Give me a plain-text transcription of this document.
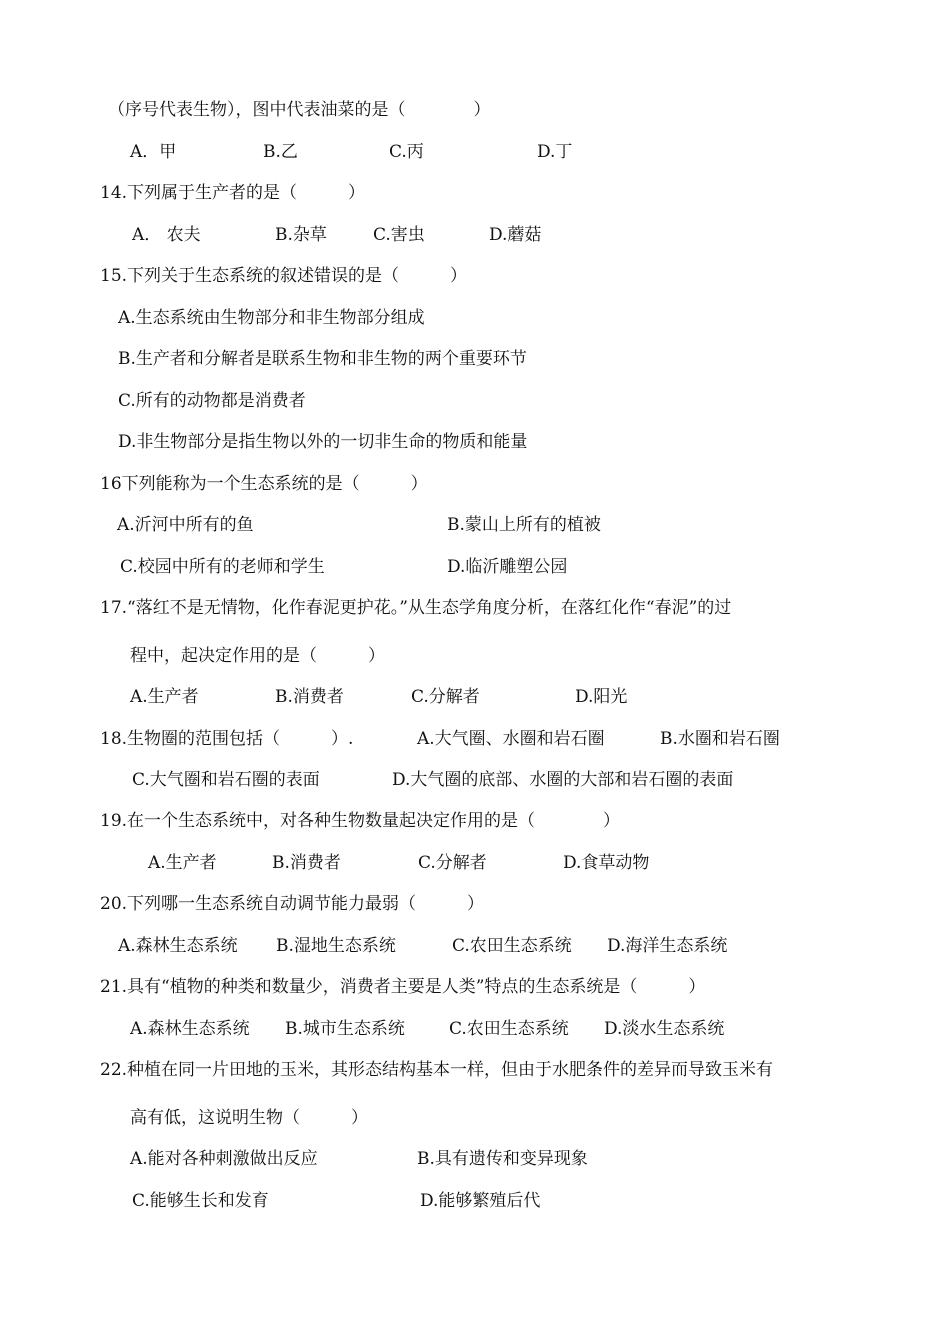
（序号代表生物），图中代表油菜的是（　　　　）
A．甲	B.乙	C.丙	D.丁
14.下列属于生产者的是（　　　）
A． 农夫	B.杂草	C.害虫	D.蘑菇
15.下列关于生态系统的叙述错误的是（　　　）
A.生态系统由生物部分和非生物部分组成
B.生产者和分解者是联系生物和非生物的两个重要环节
C.所有的动物都是消费者
D.非生物部分是指生物以外的一切非生命的物质和能量
16下列能称为一个生态系统的是（　　　）
A.沂河中所有的鱼	B.蒙山上所有的植被
C.校园中所有的老师和学生	D.临沂雕塑公园
17.“落红不是无情物，化作春泥更护花。”从生态学角度分析，在落红化作“春泥”的过
程中，起决定作用的是（　　　）
A.生产者	B.消费者	C.分解者	D.阳光
18.生物圈的范围包括（　　　）.	A.大气圈、水圈和岩石圈	B.水圈和岩石圈
C.大气圈和岩石圈的表面	D.大气圈的底部、水圈的大部和岩石圈的表面
19.在一个生态系统中，对各种生物数量起决定作用的是（　　　　）
A.生产者	B.消费者	C.分解者	D.食草动物
20.下列哪一生态系统自动调节能力最弱（　　　）
A.森林生态系统 B.湿地生态系统	C.农田生态系统 D.海洋生态系统
21.具有“植物的种类和数量少，消费者主要是人类”特点的生态系统是（　　　）
A.森林生态系统 B.城市生态系统	C.农田生态系统 D.淡水生态系统
22.种植在同一片田地的玉米，其形态结构基本一样，但由于水肥条件的差异而导致玉米有
高有低，这说明生物（　　　）
A.能对各种刺激做出反应	B.具有遗传和变异现象
C.能够生长和发育	D.能够繁殖后代
